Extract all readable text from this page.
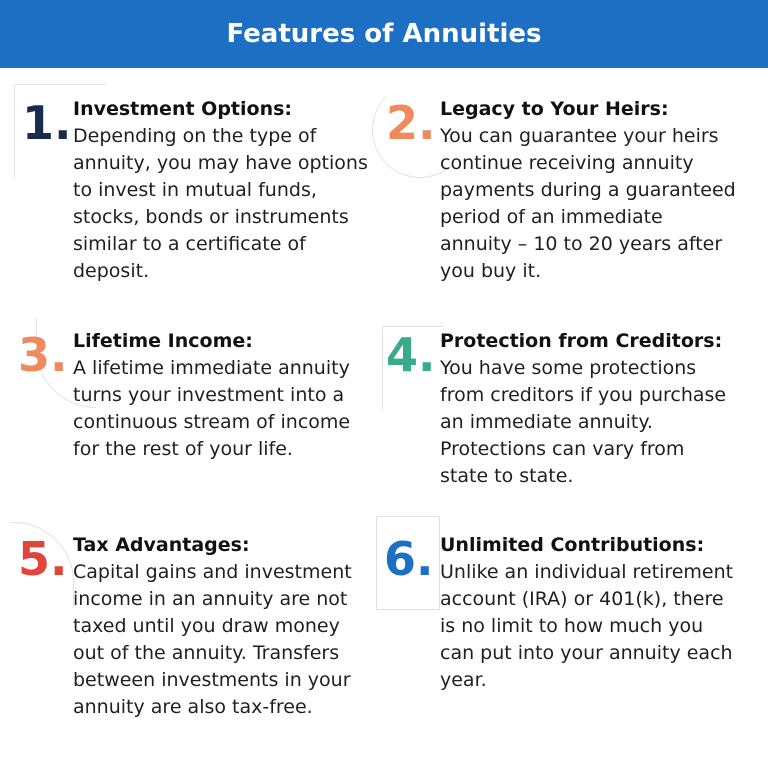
Features of Annuities
1. Investment Options:
Depending on the type of
annuity, you may have options
to invest in mutual funds,
stocks, bonds or instruments
similar to a certificate of
deposit.
2. Legacy to Your Heirs:
You can guarantee your heirs
continue receiving annuity
payments during a guaranteed
period of an immediate
annuity – 10 to 20 years after
you buy it.
3. Lifetime Income:
A lifetime immediate annuity
turns your investment into a
continuous stream of income
for the rest of your life.
4. Protection from Creditors:
You have some protections
from creditors if you purchase
an immediate annuity.
Protections can vary from
state to state.
5. Tax Advantages:
Capital gains and investment
income in an annuity are not
taxed until you draw money
out of the annuity. Transfers
between investments in your
annuity are also tax-free.
6. Unlimited Contributions:
Unlike an individual retirement
account (IRA) or 401(k), there
is no limit to how much you
can put into your annuity each
year.
